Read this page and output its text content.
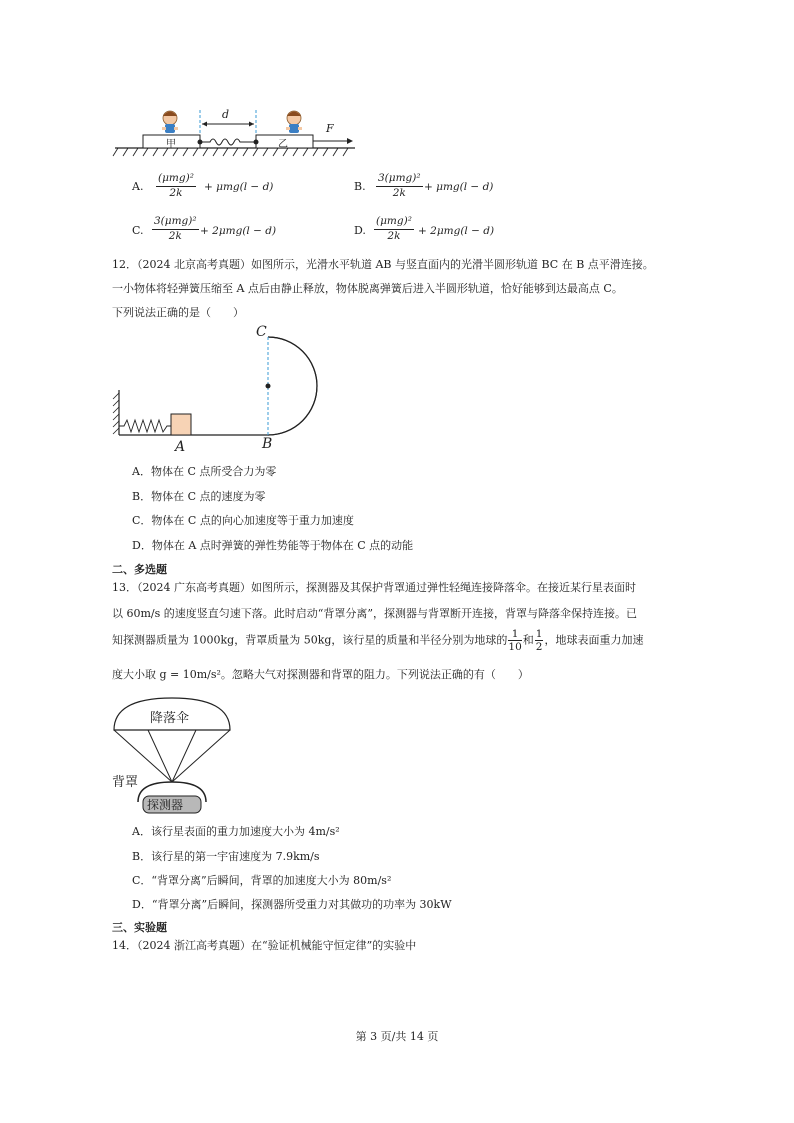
d
F
甲	乙
A.
(μmg)²
2k	+ μmg(l − d)	B.
3(μmg)²
2k	+ μmg(l − d)
C.
3(μmg)²
2k	+ 2μmg(l − d)	D.
(μmg)²
2k	+ 2μmg(l − d)
12．（2024 北京高考真题）如图所示，光滑水平轨道 AB 与竖直面内的光滑半圆形轨道 BC 在 B 点平滑连接。
一小物体将轻弹簧压缩至 A 点后由静止释放，物体脱离弹簧后进入半圆形轨道，恰好能够到达最高点 C。
下列说法正确的是（　　）
C
A	B
A．物体在 C 点所受合力为零
B．物体在 C 点的速度为零
C．物体在 C 点的向心加速度等于重力加速度
D．物体在 A 点时弹簧的弹性势能等于物体在 C 点的动能
二、多选题
13．（2024 广东高考真题）如图所示，探测器及其保护背罩通过弹性轻绳连接降落伞。在接近某行星表面时
以 60m/s 的速度竖直匀速下落。此时启动“背罩分离”，探测器与背罩断开连接，背罩与降落伞保持连接。已
知探测器质量为 1000kg，背罩质量为 50kg，该行星的质量和半径分别为地球的 $\frac{1}{10}$ 和 $\frac{1}{2}$ ，地球表面重力加速
度大小取 g = 10m/s²。忽略大气对探测器和背罩的阻力。下列说法正确的有（　　）
降落伞
背罩
探测器
A．该行星表面的重力加速度大小为 4m/s²
B．该行星的第一宇宙速度为 7.9km/s
C．“背罩分离”后瞬间，背罩的加速度大小为 80m/s²
D．“背罩分离”后瞬间，探测器所受重力对其做功的功率为 30kW
三、实验题
14．（2024 浙江高考真题）在“验证机械能守恒定律”的实验中
第 3 页/共 14 页
